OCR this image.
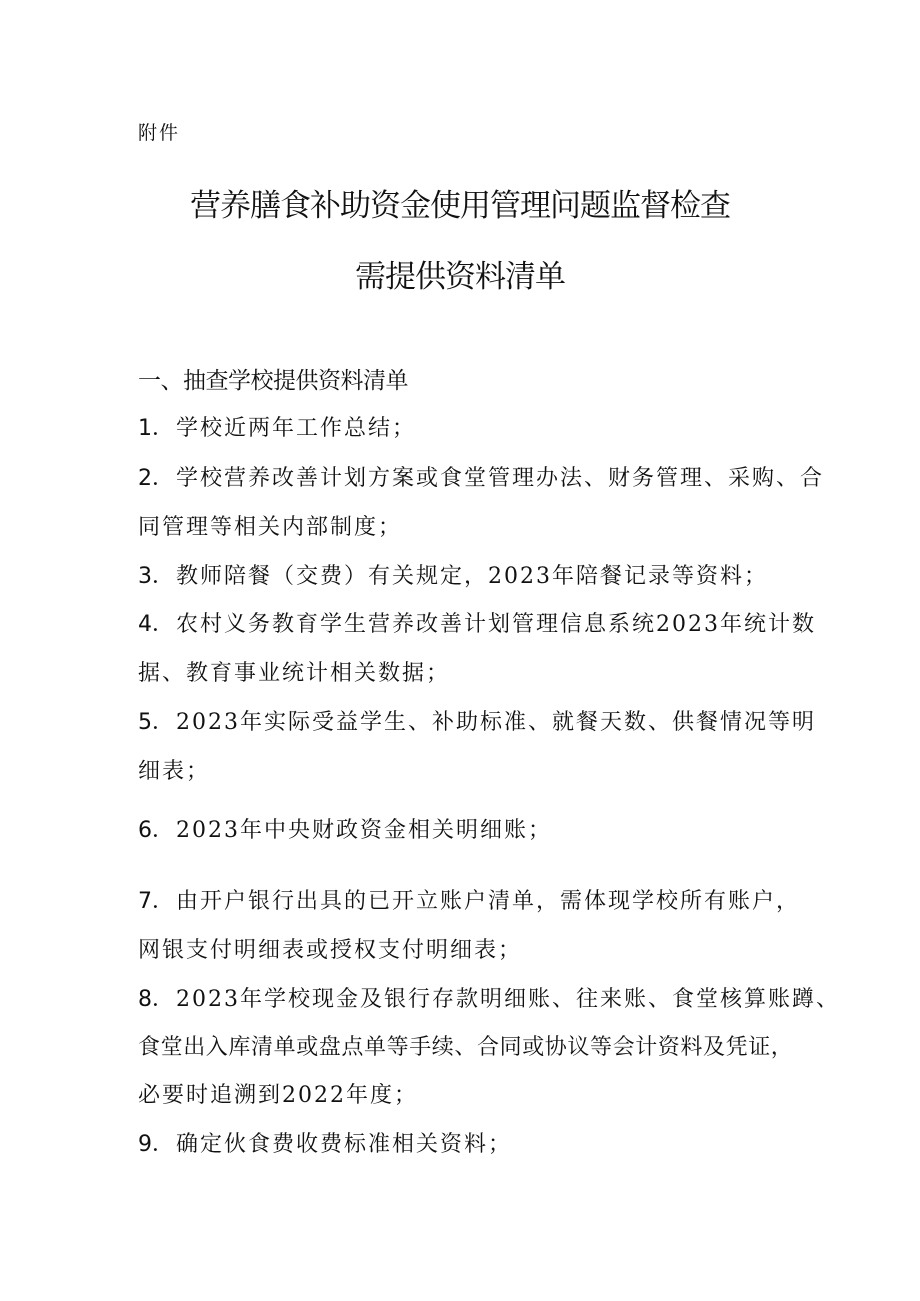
附件
营养膳食补助资金使用管理问题监督检查
需提供资料清单
一、抽查学校提供资料清单
1．学校近两年工作总结；
2．学校营养改善计划方案或食堂管理办法、财务管理、采购、合
同管理等相关内部制度；
3．教师陪餐（交费）有关规定，2023年陪餐记录等资料；
4．农村义务教育学生营养改善计划管理信息系统2023年统计数
据、教育事业统计相关数据；
5．2023年实际受益学生、补助标准、就餐天数、供餐情况等明
细表；
6．2023年中央财政资金相关明细账；
7．由开户银行出具的已开立账户清单，需体现学校所有账户，
网银支付明细表或授权支付明细表；
8．2023年学校现金及银行存款明细账、往来账、食堂核算账蹲、
食堂出入库清单或盘点单等手续、合同或协议等会计资料及凭证，
必要时追溯到2022年度；
9．确定伙食费收费标准相关资料；
